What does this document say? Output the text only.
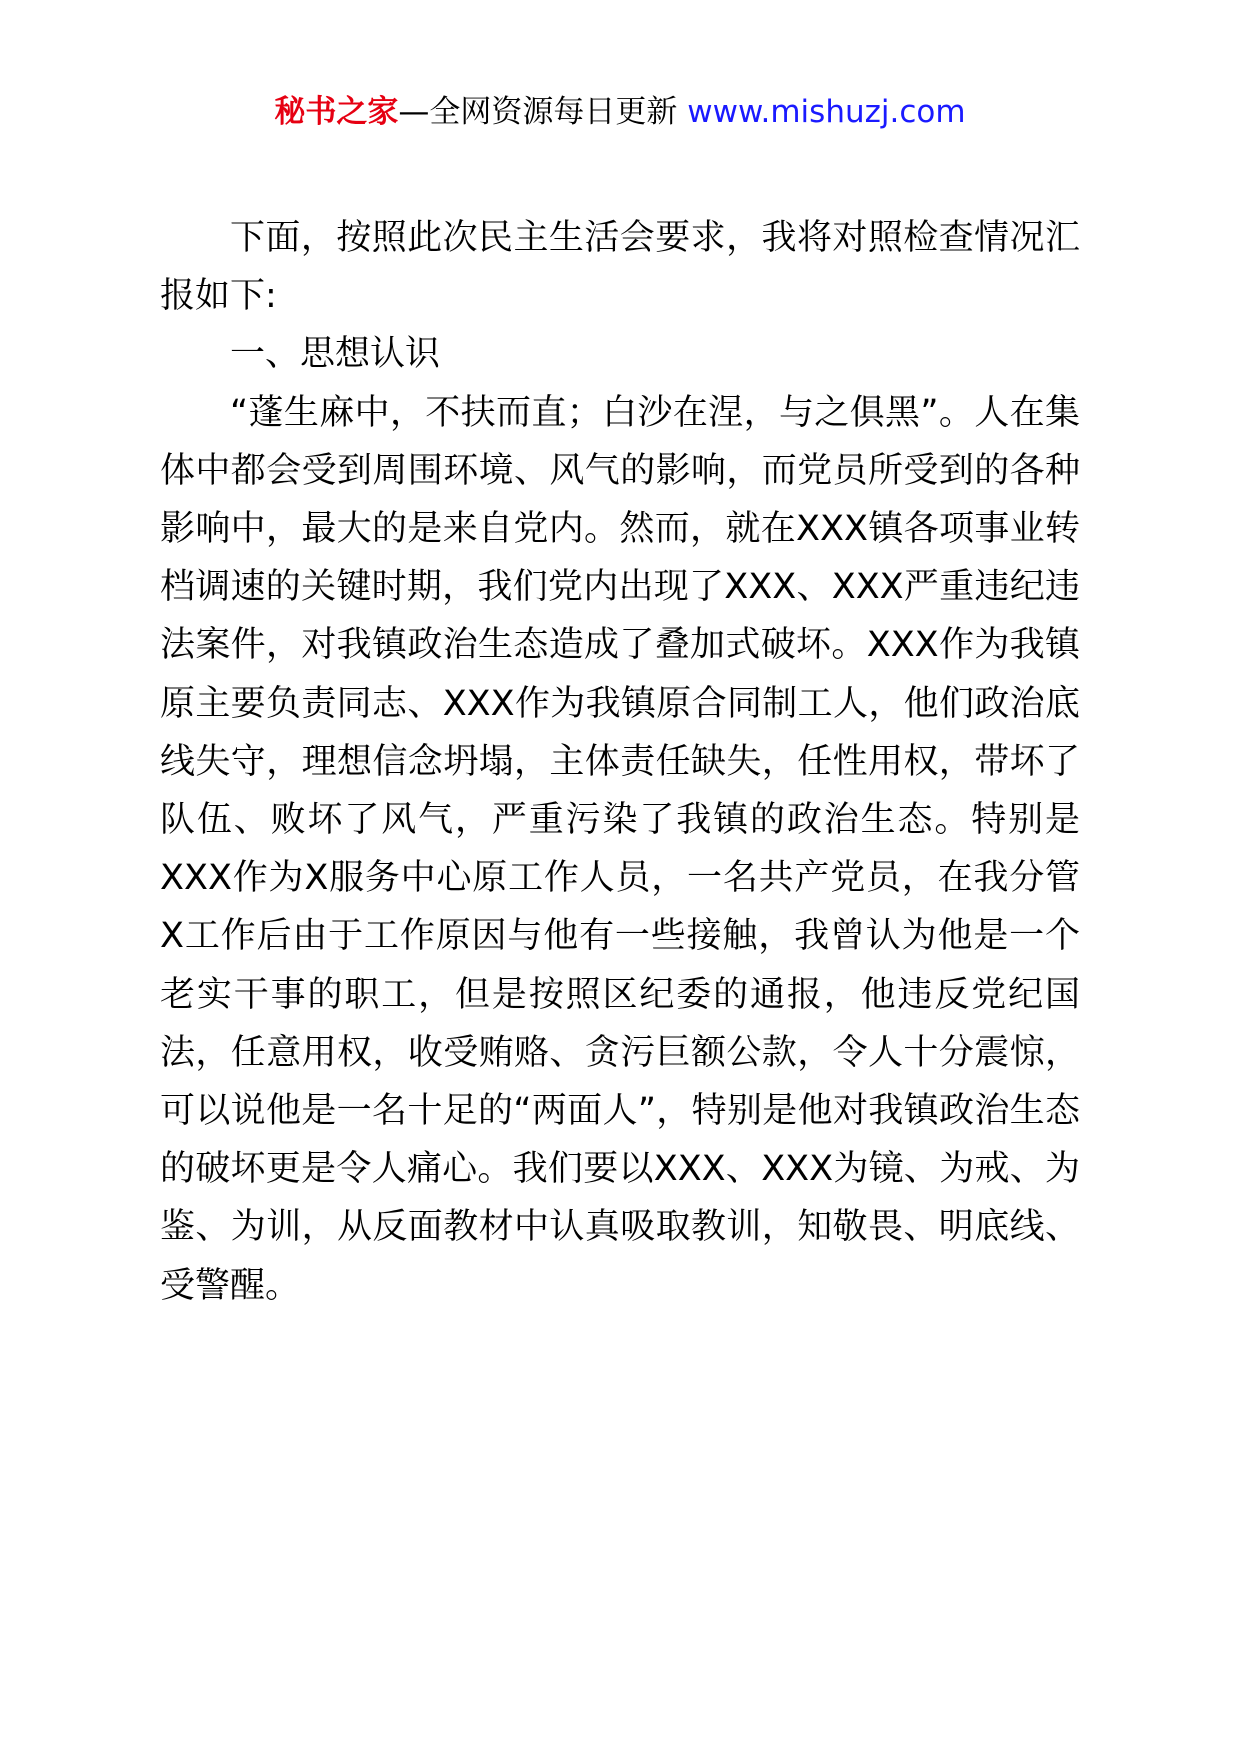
秘书之家—全网资源每日更新 www.mishuzj.com

下面，按照此次民主生活会要求，我将对照检查情况汇报如下:

一、思想认识

“蓬生麻中，不扶而直；白沙在涅，与之俱黑”。人在集体中都会受到周围环境、风气的影响，而党员所受到的各种影响中，最大的是来自党内。然而，就在XXX镇各项事业转档调速的关键时期，我们党内出现了XXX、XXX严重违纪违法案件，对我镇政治生态造成了叠加式破坏。XXX作为我镇原主要负责同志、XXX作为我镇原合同制工人，他们政治底线失守，理想信念坍塌，主体责任缺失，任性用权，带坏了队伍、败坏了风气，严重污染了我镇的政治生态。特别是XXX作为X服务中心原工作人员，一名共产党员，在我分管X工作后由于工作原因与他有一些接触，我曾认为他是一个老实干事的职工，但是按照区纪委的通报，他违反党纪国法，任意用权，收受贿赂、贪污巨额公款，令人十分震惊，可以说他是一名十足的“两面人”，特别是他对我镇政治生态的破坏更是令人痛心。我们要以XXX、XXX为镜、为戒、为鉴、为训，从反面教材中认真吸取教训，知敬畏、明底线、受警醒。
